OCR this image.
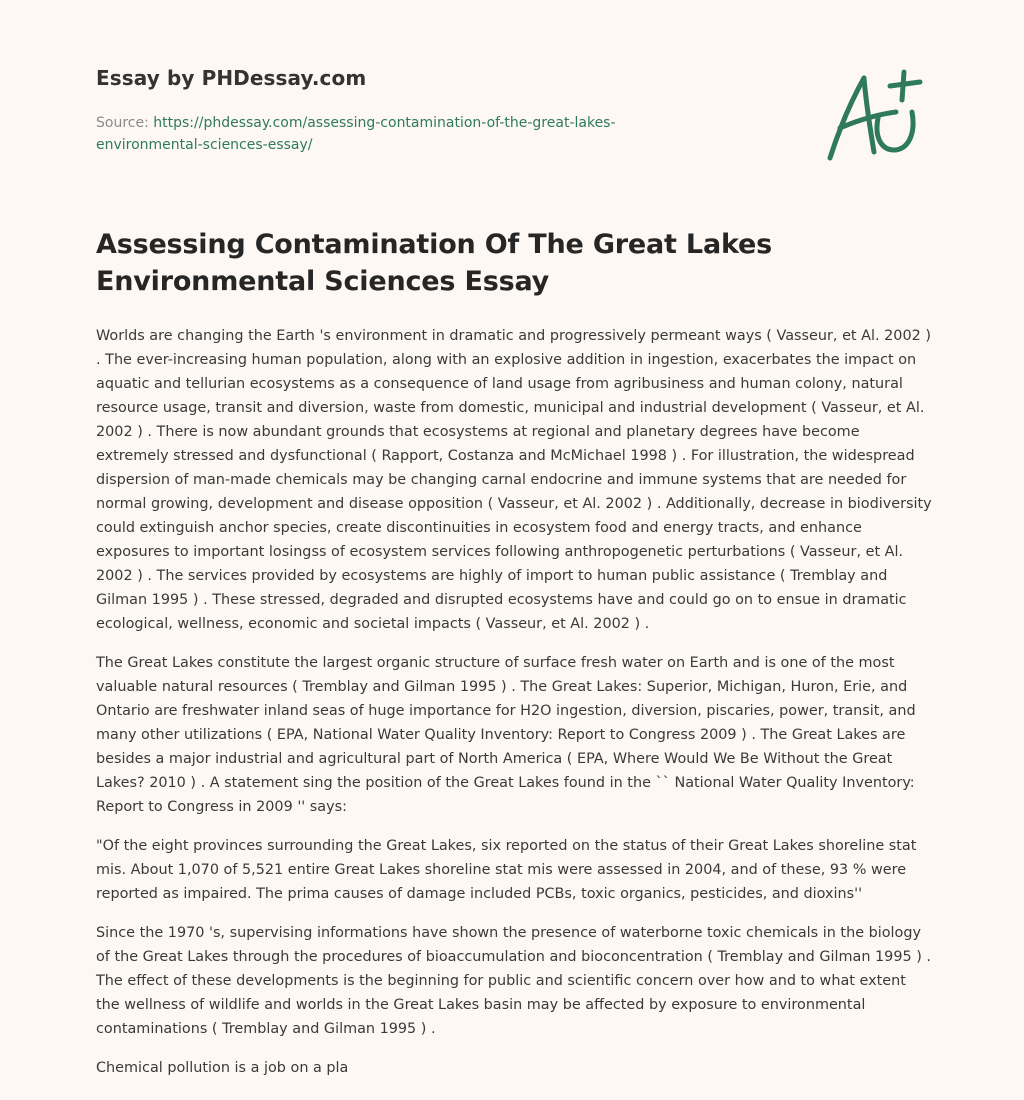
Essay by PHDessay.com
Source: https://phdessay.com/assessing-contamination-of-the-great-lakes-environmental-sciences-essay/
Assessing Contamination Of The Great Lakes Environmental Sciences Essay

Worlds are changing the Earth 's environment in dramatic and progressively permeant ways ( Vasseur, et Al. 2002 ) . The ever-increasing human population, along with an explosive addition in ingestion, exacerbates the impact on aquatic and tellurian ecosystems as a consequence of land usage from agribusiness and human colony, natural resource usage, transit and diversion, waste from domestic, municipal and industrial development ( Vasseur, et Al. 2002 ) . There is now abundant grounds that ecosystems at regional and planetary degrees have become extremely stressed and dysfunctional ( Rapport, Costanza and McMichael 1998 ) . For illustration, the widespread dispersion of man-made chemicals may be changing carnal endocrine and immune systems that are needed for normal growing, development and disease opposition ( Vasseur, et Al. 2002 ) . Additionally, decrease in biodiversity could extinguish anchor species, create discontinuities in ecosystem food and energy tracts, and enhance exposures to important losingss of ecosystem services following anthropogenetic perturbations ( Vasseur, et Al. 2002 ) . The services provided by ecosystems are highly of import to human public assistance ( Tremblay and Gilman 1995 ) . These stressed, degraded and disrupted ecosystems have and could go on to ensue in dramatic ecological, wellness, economic and societal impacts ( Vasseur, et Al. 2002 ) .

The Great Lakes constitute the largest organic structure of surface fresh water on Earth and is one of the most valuable natural resources ( Tremblay and Gilman 1995 ) . The Great Lakes: Superior, Michigan, Huron, Erie, and Ontario are freshwater inland seas of huge importance for H2O ingestion, diversion, piscaries, power, transit, and many other utilizations ( EPA, National Water Quality Inventory: Report to Congress 2009 ) . The Great Lakes are besides a major industrial and agricultural part of North America ( EPA, Where Would We Be Without the Great Lakes? 2010 ) . A statement sing the position of the Great Lakes found in the `` National Water Quality Inventory: Report to Congress in 2009 '' says:

"Of the eight provinces surrounding the Great Lakes, six reported on the status of their Great Lakes shoreline stat mis. About 1,070 of 5,521 entire Great Lakes shoreline stat mis were assessed in 2004, and of these, 93 % were reported as impaired. The prima causes of damage included PCBs, toxic organics, pesticides, and dioxins''

Since the 1970 's, supervising informations have shown the presence of waterborne toxic chemicals in the biology of the Great Lakes through the procedures of bioaccumulation and bioconcentration ( Tremblay and Gilman 1995 ) . The effect of these developments is the beginning for public and scientific concern over how and to what extent the wellness of wildlife and worlds in the Great Lakes basin may be affected by exposure to environmental contaminations ( Tremblay and Gilman 1995 ) .

Chemical pollution is a job on a pla
